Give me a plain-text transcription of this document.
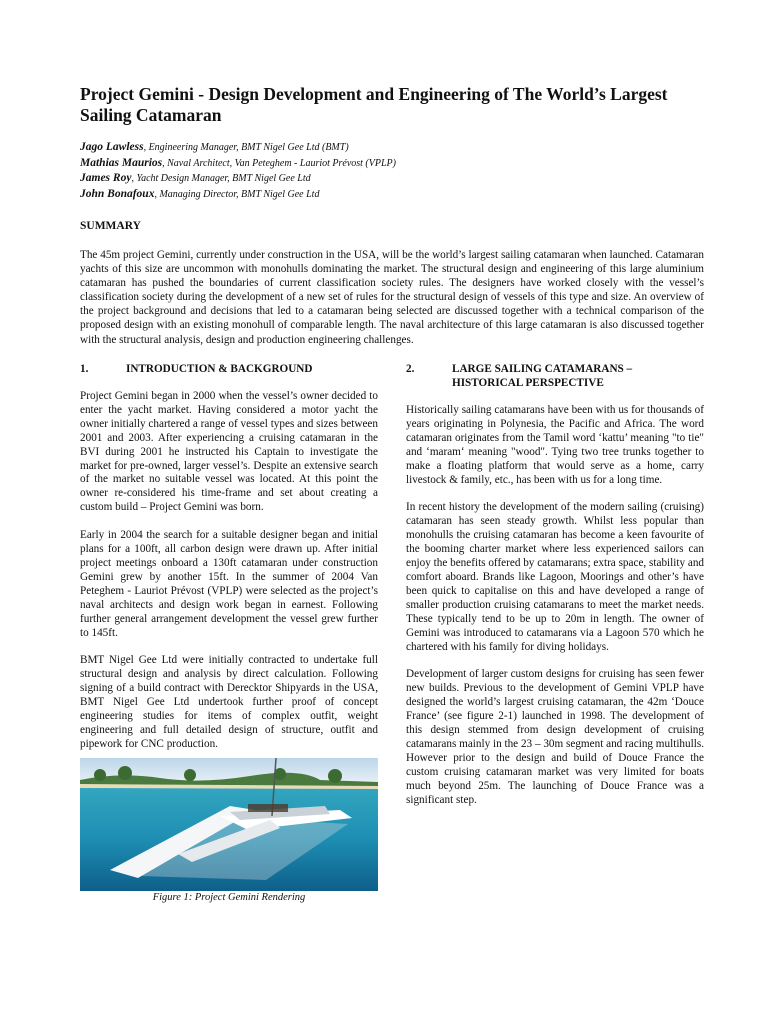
Project Gemini - Design Development and Engineering of The World’s Largest Sailing Catamaran
Jago Lawless, Engineering Manager, BMT Nigel Gee Ltd (BMT)
Mathias Maurios, Naval Architect, Van Peteghem - Lauriot Prévost (VPLP)
James Roy, Yacht Design Manager, BMT Nigel Gee Ltd
John Bonafoux, Managing Director, BMT Nigel Gee Ltd
SUMMARY

The 45m project Gemini, currently under construction in the USA, will be the world’s largest sailing catamaran when launched. Catamaran yachts of this size are uncommon with monohulls dominating the market. The structural design and engineering of this large aluminium catamaran has pushed the boundaries of current classification society rules. The designers have worked closely with the vessel’s classification society during the development of a new set of rules for the structural design of vessels of this type and size. An overview of the project background and decisions that led to a catamaran being selected are discussed together with a technical comparison of the proposed design with an existing monohull of comparable length. The naval architecture of this large catamaran is also discussed together with the structural analysis, design and production engineering challenges.

1.	INTRODUCTION & BACKGROUND

Project Gemini began in 2000 when the vessel’s owner decided to enter the yacht market. Having considered a motor yacht the owner initially chartered a range of vessel types and sizes between 2001 and 2003. After experiencing a cruising catamaran in the BVI during 2001 he instructed his Captain to investigate the market for pre-owned, larger vessel’s. Despite an extensive search of the market no suitable vessel was located. At this point the owner re-considered his time-frame and set about creating a custom build – Project Gemini was born.

Early in 2004 the search for a suitable designer began and initial plans for a 100ft, all carbon design were drawn up. After initial project meetings onboard a 130ft catamaran under construction Gemini grew by another 15ft. In the summer of 2004 Van Peteghem - Lauriot Prévost (VPLP) were selected as the project’s naval architects and design work began in earnest. Following further general arrangement development the vessel grew further to 145ft.

BMT Nigel Gee Ltd were initially contracted to undertake full structural design and analysis by direct calculation. Following signing of a build contract with Derecktor Shipyards in the USA, BMT Nigel Gee Ltd undertook further proof of concept engineering studies for items of complex outfit, weight engineering and full detailed design of structure, outfit and pipework for CNC production.

Figure 1: Project Gemini Rendering
2.	LARGE SAILING CATAMARANS – HISTORICAL PERSPECTIVE

Historically sailing catamarans have been with us for thousands of years originating in Polynesia, the Pacific and Africa. The word catamaran originates from the Tamil word ‘kattu’ meaning "to tie" and ‘maram‘ meaning "wood". Tying two tree trunks together to make a floating platform that would serve as a home, carry livestock & family, etc., has been with us for a long time.

In recent history the development of the modern sailing (cruising) catamaran has seen steady growth. Whilst less popular than monohulls the cruising catamaran has become a keen favourite of the booming charter market where less experienced sailors can enjoy the benefits offered by catamarans; extra space, stability and comfort aboard. Brands like Lagoon, Moorings and other’s have been quick to capitalise on this and have developed a range of smaller production cruising catamarans to meet the market needs. These typically tend to be up to 20m in length. The owner of Gemini was introduced to catamarans via a Lagoon 570 which he chartered with his family for diving holidays.

Development of larger custom designs for cruising has seen fewer new builds. Previous to the development of Gemini VPLP have designed the world’s largest cruising catamaran, the 42m ‘Douce France’ (see figure 2-1) launched in 1998. The development of this design stemmed from design development of cruising catamarans mainly in the 23 – 30m segment and racing multihulls. However prior to the design and build of Douce France the custom cruising catamaran market was very limited for boats much beyond 25m. The launching of Douce France was a significant step.
